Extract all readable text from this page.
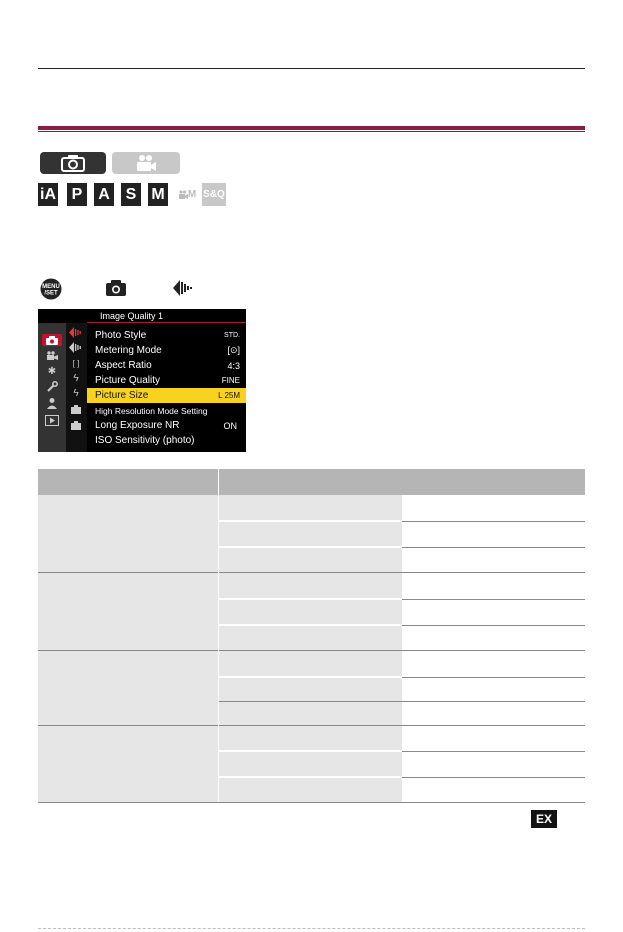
iA P A S M M S&Q
MENU
/SET
✱
[ ]
ϟ
ϟ
Image Quality 1
Photo Style	STD.
Metering Mode	[⊙]
Aspect Ratio	4:3
Picture Quality	FINE
Picture Size	L 25M
High Resolution Mode Setting
Long Exposure NR	ON
ISO Sensitivity (photo)
EX
